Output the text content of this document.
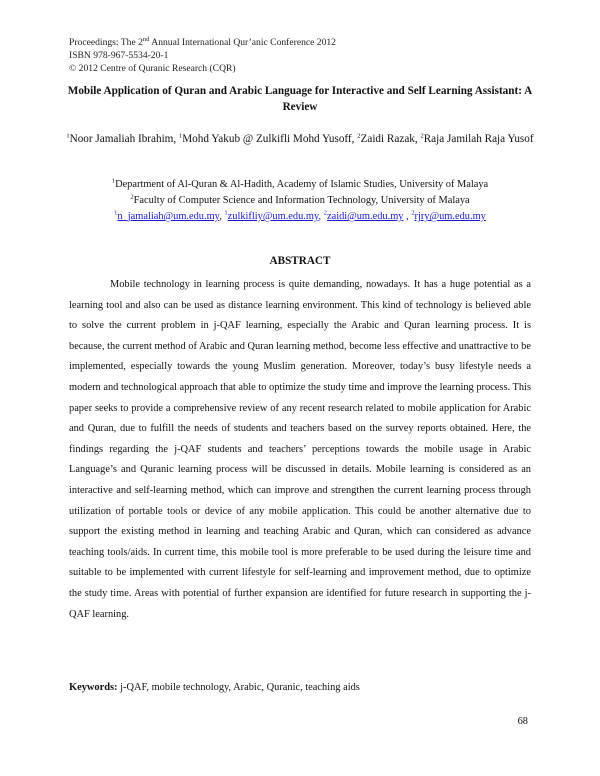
Proceedings: The 2nd Annual International Qur’anic Conference 2012
ISBN 978-967-5534-20-1
© 2012 Centre of Quranic Research (CQR)
Mobile Application of Quran and Arabic Language for Interactive and Self Learning Assistant: A Review
$^1$Noor Jamaliah Ibrahim, $^1$Mohd Yakub @ Zulkifli Mohd Yusoff, $^2$Zaidi Razak, $^2$Raja Jamilah Raja Yusof
$^1$Department of Al-Quran & Al-Hadith, Academy of Islamic Studies, University of Malaya
$^2$Faculty of Computer Science and Information Technology, University of Malaya
$^1$n_jamaliah@um.edu.my, $^1$zulkifliy@um.edu.my, $^2$zaidi@um.edu.my , $^2$rjry@um.edu.my
ABSTRACT

Mobile technology in learning process is quite demanding, nowadays. It has a huge potential as a learning tool and also can be used as distance learning environment. This kind of technology is believed able to solve the current problem in j-QAF learning, especially the Arabic and Quran learning process. It is because, the current method of Arabic and Quran learning method, become less effective and unattractive to be implemented, especially towards the young Muslim generation. Moreover, today’s busy lifestyle needs a modern and technological approach that able to optimize the study time and improve the learning process. This paper seeks to provide a comprehensive review of any recent research related to mobile application for Arabic and Quran, due to fulfill the needs of students and teachers based on the survey reports obtained. Here, the findings regarding the j-QAF students and teachers’ perceptions towards the mobile usage in Arabic Language’s and Quranic learning process will be discussed in details. Mobile learning is considered as an interactive and self-learning method, which can improve and strengthen the current learning process through utilization of portable tools or device of any mobile application. This could be another alternative due to support the existing method in learning and teaching Arabic and Quran, which can considered as advance teaching tools/aids. In current time, this mobile tool is more preferable to be used during the leisure time and suitable to be implemented with current lifestyle for self-learning and improvement method, due to optimize the study time. Areas with potential of further expansion are identified for future research in supporting the j-QAF learning.

Keywords: j-QAF, mobile technology, Arabic, Quranic, teaching aids
68
